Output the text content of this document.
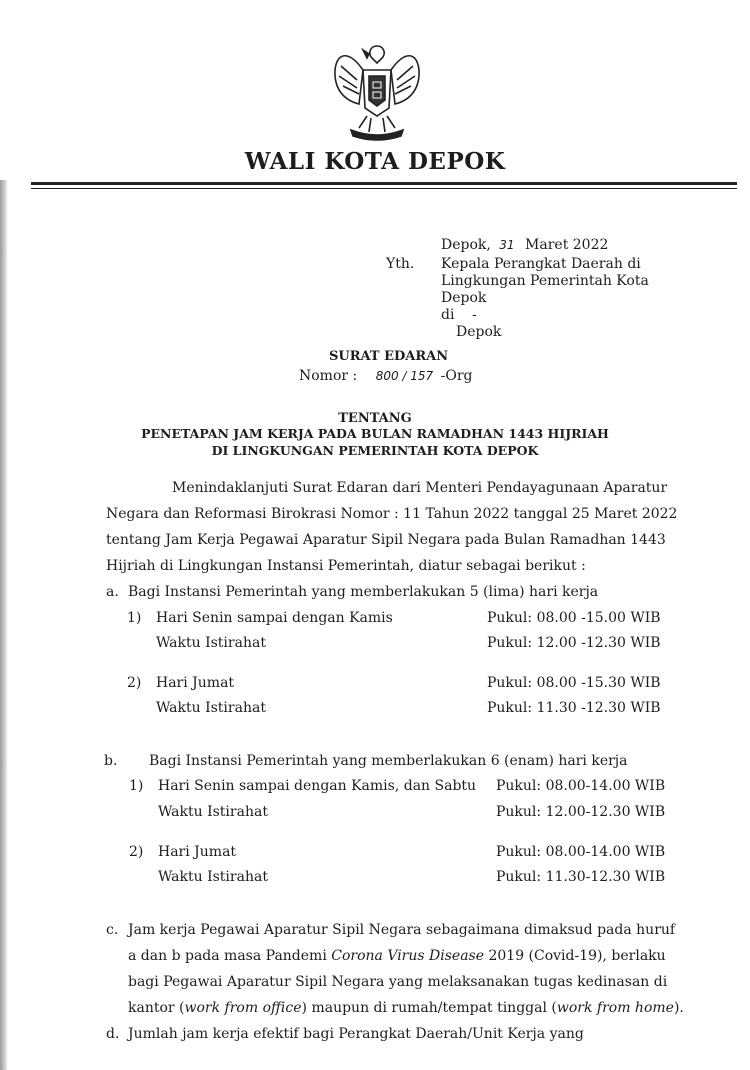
WALI KOTA DEPOK
Depok, 31 Maret 2022
Yth. Kepala Perangkat Daerah di
Lingkungan Pemerintah Kota
Depok
di -
Depok
SURAT EDARAN
Nomor : 800 / 157 -Org
TENTANG
PENETAPAN JAM KERJA PADA BULAN RAMADHAN 1443 HIJRIAH
DI LINGKUNGAN PEMERINTAH KOTA DEPOK
Menindaklanjuti Surat Edaran dari Menteri Pendayagunaan Aparatur
Negara dan Reformasi Birokrasi Nomor : 11 Tahun 2022 tanggal 25 Maret 2022
tentang Jam Kerja Pegawai Aparatur Sipil Negara pada Bulan Ramadhan 1443
Hijriah di Lingkungan Instansi Pemerintah, diatur sebagai berikut :
a. Bagi Instansi Pemerintah yang memberlakukan 5 (lima) hari kerja
1) Hari Senin sampai dengan Kamis	Pukul: 08.00 -15.00 WIB
Waktu Istirahat	Pukul: 12.00 -12.30 WIB
2) Hari Jumat	Pukul: 08.00 -15.30 WIB
Waktu Istirahat	Pukul: 11.30 -12.30 WIB
b. Bagi Instansi Pemerintah yang memberlakukan 6 (enam) hari kerja
1) Hari Senin sampai dengan Kamis, dan Sabtu Pukul: 08.00-14.00 WIB
Waktu Istirahat	Pukul: 12.00-12.30 WIB
2) Hari Jumat	Pukul: 08.00-14.00 WIB
Waktu Istirahat	Pukul: 11.30-12.30 WIB
c. Jam kerja Pegawai Aparatur Sipil Negara sebagaimana dimaksud pada huruf
a dan b pada masa Pandemi Corona Virus Disease 2019 (Covid-19), berlaku
bagi Pegawai Aparatur Sipil Negara yang melaksanakan tugas kedinasan di
kantor (work from office) maupun di rumah/tempat tinggal (work from home).
d. Jumlah jam kerja efektif bagi Perangkat Daerah/Unit Kerja yang
